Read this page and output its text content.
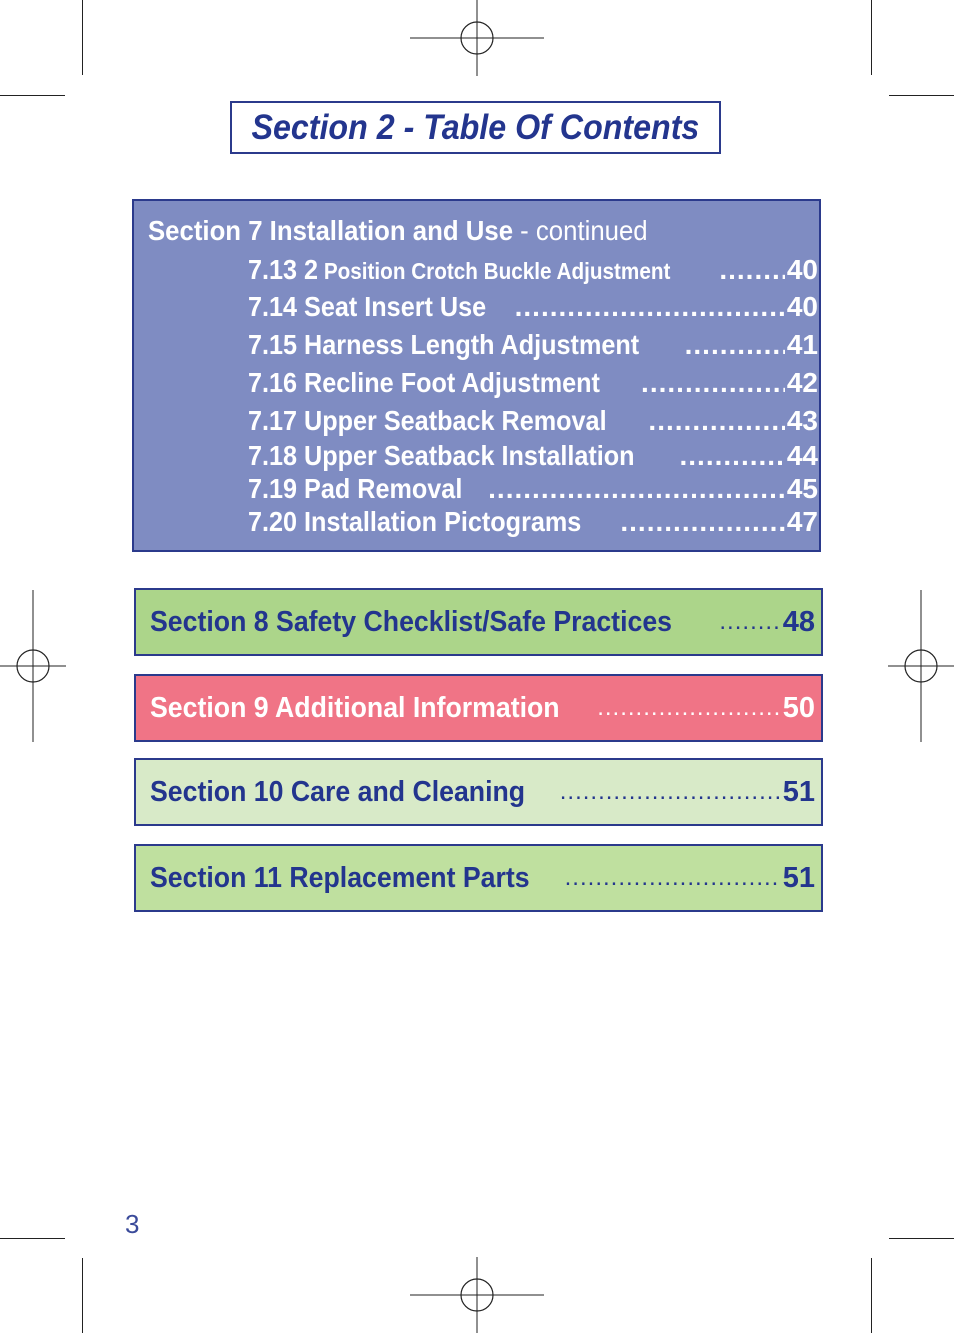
Section 2 - Table Of Contents
Section 7 Installation and Use - continued
7.13 2 Position Crotch Buckle Adjustment .....	40
7.14 Seat Insert Use .....	40
7.15 Harness Length Adjustment .....	41
7.16 Recline Foot Adjustment .....	42
7.17 Upper Seatback Removal .....	43
7.18 Upper Seatback Installation .....	44
7.19 Pad Removal .....	45
7.20 Installation Pictograms .....	47
Section 8 Safety Checklist/Safe Practices .....	48
Section 9 Additional Information .....	50
Section 10 Care and Cleaning .....	51
Section 11 Replacement Parts .....	51
3
